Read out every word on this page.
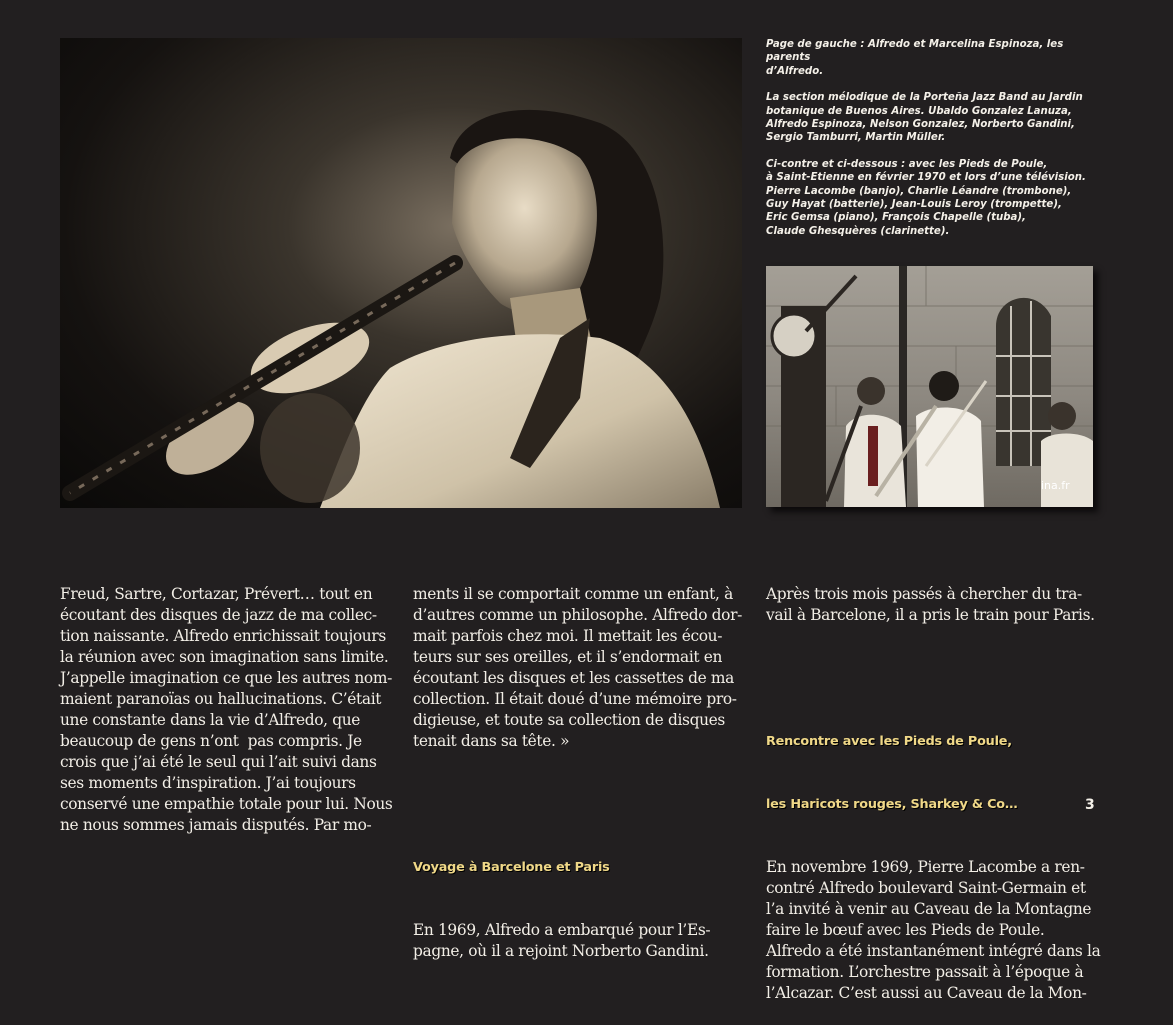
Page de gauche : Alfredo et Marcelina Espinoza, les parents
d’Alfredo.

La section mélodique de la Porteña Jazz Band au Jardin
botanique de Buenos Aires. Ubaldo Gonzalez Lanuza,
Alfredo Espinoza, Nelson Gonzalez, Norberto Gandini,
Sergio Tamburri, Martin Müller.

Ci-contre et ci-dessous : avec les Pieds de Poule,
à Saint-Etienne en février 1970 et lors d’une télévision.
Pierre Lacombe (banjo), Charlie Léandre (trombone),
Guy Hayat (batterie), Jean-Louis Leroy (trompette),
Eric Gemsa (piano), François Chapelle (tuba),
Claude Ghesquères (clarinette).

ina.fr

Freud, Sartre, Cortazar, Prévert… tout en
écoutant des disques de jazz de ma collec-
tion naissante. Alfredo enrichissait toujours
la réunion avec son imagination sans limite.
J’appelle imagination ce que les autres nom-
maient paranoïas ou hallucinations. C’était
une constante dans la vie d’Alfredo, que
beaucoup de gens n’ont  pas compris. Je
crois que j’ai été le seul qui l’ait suivi dans
ses moments d’inspiration. J’ai toujours
conservé une empathie totale pour lui. Nous
ne nous sommes jamais disputés. Par mo-

ments il se comportait comme un enfant, à
d’autres comme un philosophe. Alfredo dor-
mait parfois chez moi. Il mettait les écou-
teurs sur ses oreilles, et il s’endormait en
écoutant les disques et les cassettes de ma
collection. Il était doué d’une mémoire pro-
digieuse, et toute sa collection de disques
tenait dans sa tête. »

Voyage à Barcelone et Paris

En 1969, Alfredo a embarqué pour l’Es-
pagne, où il a rejoint Norberto Gandini.

Après trois mois passés à chercher du tra-
vail à Barcelone, il a pris le train pour Paris.

Rencontre avec les Pieds de Poule,

les Haricots rouges, Sharkey & Co…

En novembre 1969, Pierre Lacombe a ren-
contré Alfredo boulevard Saint-Germain et
l’a invité à venir au Caveau de la Montagne
faire le bœuf avec les Pieds de Poule.
Alfredo a été instantanément intégré dans la
formation. L’orchestre passait à l’époque à
l’Alcazar. C’est aussi au Caveau de la Mon-

3
